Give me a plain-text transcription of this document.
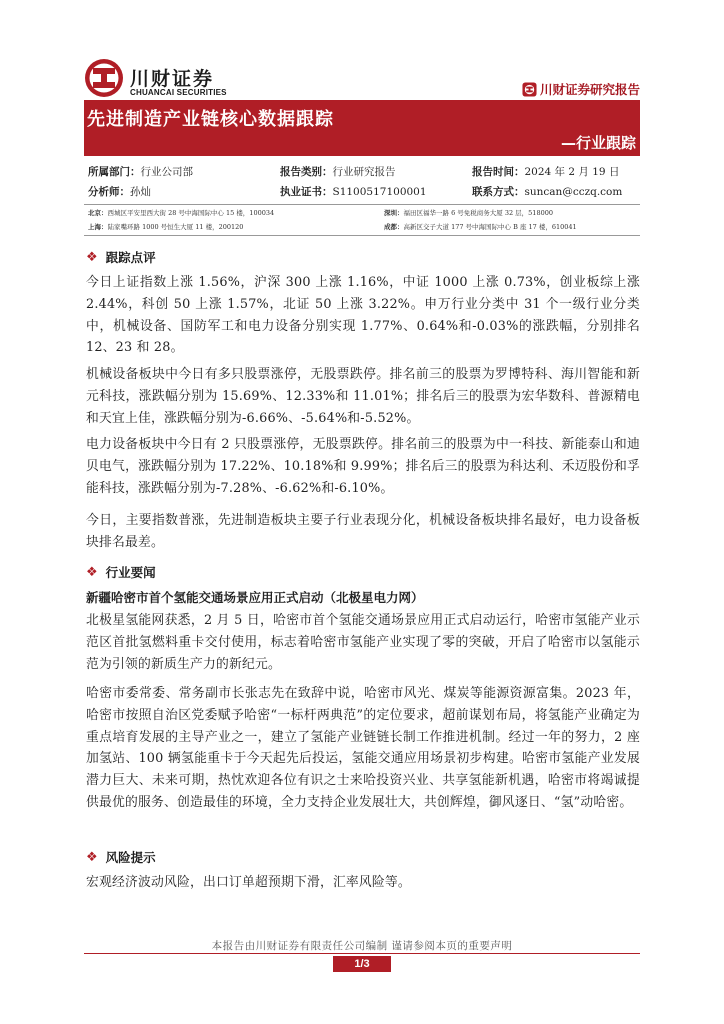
川财证券
CHUANCAI SECURITIES	川财证券研究报告
先进制造产业链核心数据跟踪
—行业跟踪
所属部门：行业公司部	报告类别：行业研究报告	报告时间：2024 年 2 月 19 日
分析师：孙灿	执业证书：S1100517100001	联系方式：suncan@cczq.com
北京：西城区平安里西大街 28 号中海国际中心 15 楼，100034	深圳：福田区福华一路 6 号免税商务大厦 32 层，518000
上海：陆家嘴环路 1000 号恒生大厦 11 楼，200120	成都：高新区交子大道 177 号中海国际中心 B 座 17 楼，610041
❖ 跟踪点评
今日上证指数上涨 1.56%，沪深 300 上涨 1.16%，中证 1000 上涨 0.73%，创业板综上涨 2.44%，科创 50 上涨 1.57%，北证 50 上涨 3.22%。申万行业分类中 31 个一级行业分类中，机械设备、国防军工和电力设备分别实现 1.77%、0.64%和-0.03%的涨跌幅，分别排名 12、23 和 28。
机械设备板块中今日有多只股票涨停，无股票跌停。排名前三的股票为罗博特科、海川智能和新元科技，涨跌幅分别为 15.69%、12.33%和 11.01%；排名后三的股票为宏华数科、普源精电和天宜上佳，涨跌幅分别为-6.66%、-5.64%和-5.52%。
电力设备板块中今日有 2 只股票涨停，无股票跌停。排名前三的股票为中一科技、新能泰山和迪贝电气，涨跌幅分别为 17.22%、10.18%和 9.99%；排名后三的股票为科达利、禾迈股份和孚能科技，涨跌幅分别为-7.28%、-6.62%和-6.10%。
今日，主要指数普涨，先进制造板块主要子行业表现分化，机械设备板块排名最好，电力设备板块排名最差。
❖ 行业要闻
新疆哈密市首个氢能交通场景应用正式启动（北极星电力网）
北极星氢能网获悉，2 月 5 日，哈密市首个氢能交通场景应用正式启动运行，哈密市氢能产业示范区首批氢燃料重卡交付使用，标志着哈密市氢能产业实现了零的突破，开启了哈密市以氢能示范为引领的新质生产力的新纪元。
哈密市委常委、常务副市长张志先在致辞中说，哈密市风光、煤炭等能源资源富集。2023 年，哈密市按照自治区党委赋予哈密“一标杆两典范”的定位要求，超前谋划布局，将氢能产业确定为重点培育发展的主导产业之一，建立了氢能产业链链长制工作推进机制。经过一年的努力，2 座加氢站、100 辆氢能重卡于今天起先后投运，氢能交通应用场景初步构建。哈密市氢能产业发展潜力巨大、未来可期，热忱欢迎各位有识之士来哈投资兴业、共享氢能新机遇，哈密市将竭诚提供最优的服务、创造最佳的环境，全力支持企业发展壮大，共创辉煌，御风逐日、“氢”动哈密。
❖ 风险提示
宏观经济波动风险，出口订单超预期下滑，汇率风险等。
本报告由川财证券有限责任公司编制 谨请参阅本页的重要声明
1/3
